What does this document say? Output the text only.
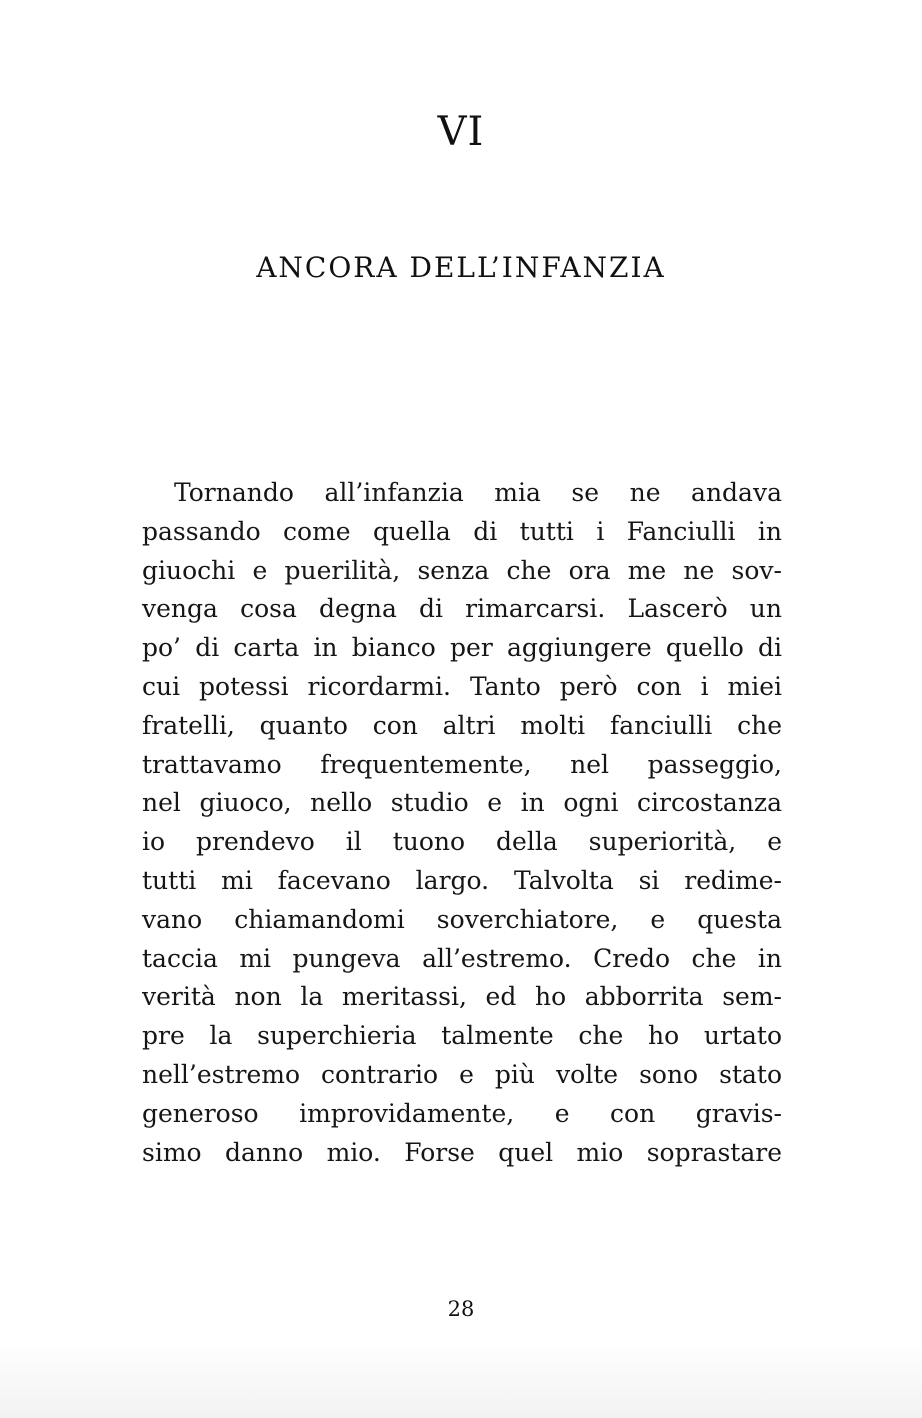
VI
ANCORA DELL’INFANZIA
Tornando all’infanzia mia se ne andava
passando come quella di tutti i Fanciulli in
giuochi e puerilità, senza che ora me ne sov-
venga cosa degna di rimarcarsi. Lascerò un
po’ di carta in bianco per aggiungere quello di
cui potessi ricordarmi. Tanto però con i miei
fratelli, quanto con altri molti fanciulli che
trattavamo frequentemente, nel passeggio,
nel giuoco, nello studio e in ogni circostanza
io prendevo il tuono della superiorità, e
tutti mi facevano largo. Talvolta si redime-
vano chiamandomi soverchiatore, e questa
taccia mi pungeva all’estremo. Credo che in
verità non la meritassi, ed ho abborrita sem-
pre la superchieria talmente che ho urtato
nell’estremo contrario e più volte sono stato
generoso improvidamente, e con gravis-
simo danno mio. Forse quel mio soprastare
28
